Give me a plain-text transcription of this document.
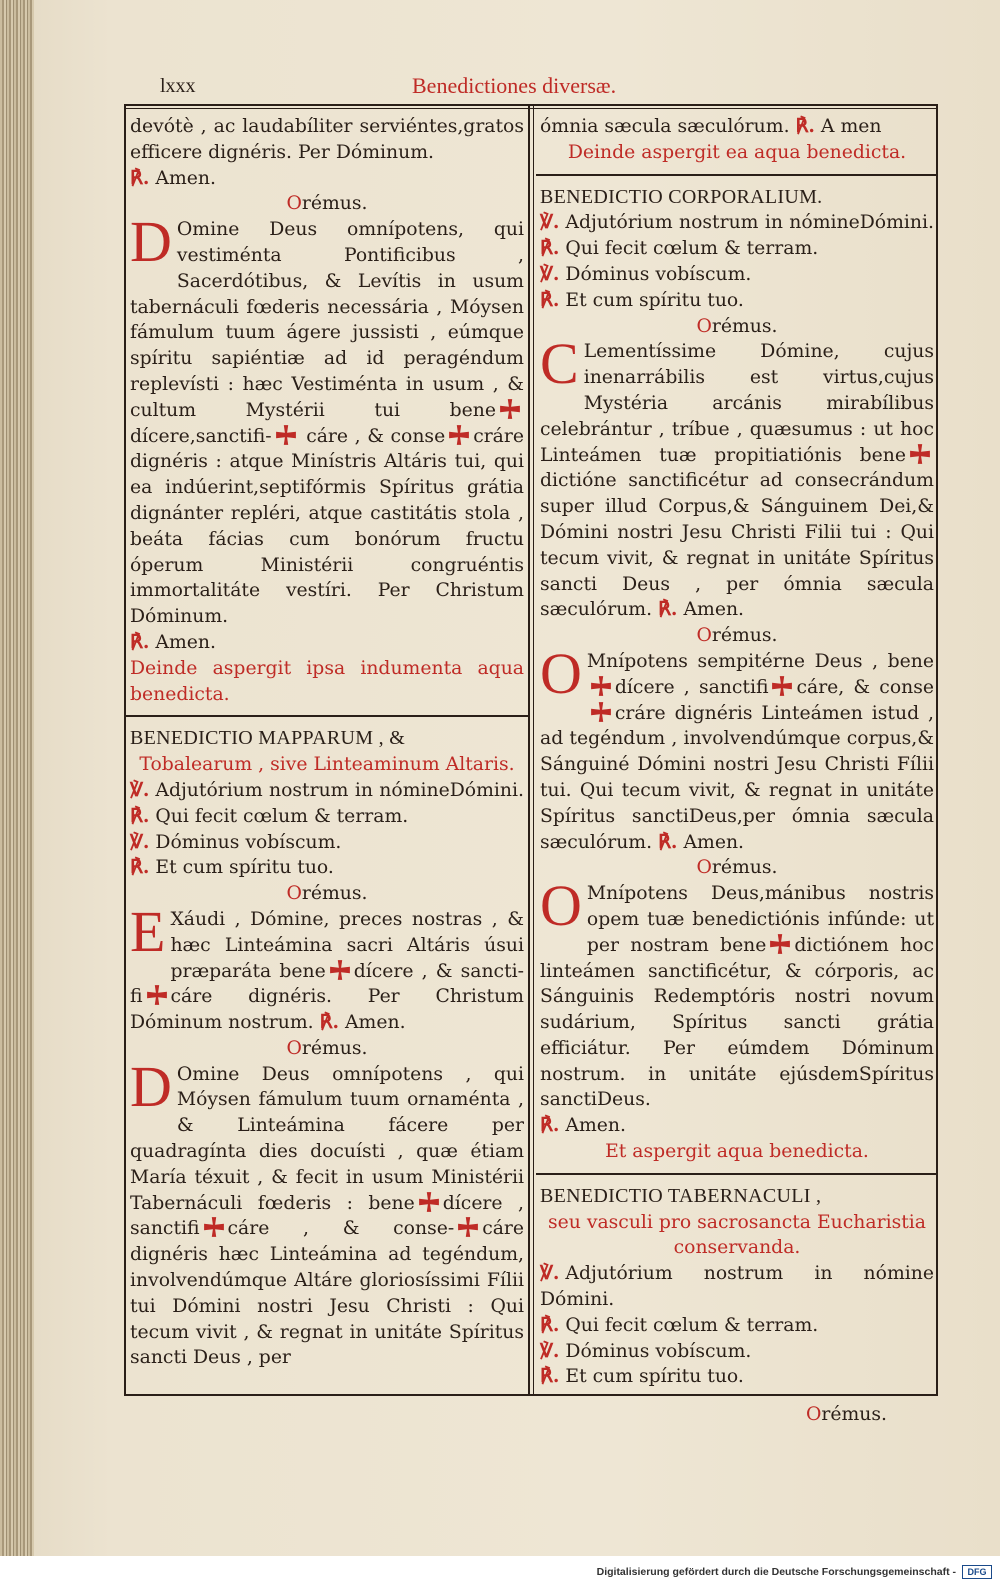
lxxx	Benedictiones diversæ.

devótè , ac laudabíliter serviéntes,gratos efficere dignéris. Per Dóminum.

℟. Amen.

Orémus.

D Omine Deus omnípotens, qui vestiménta Pontificibus , Sacerdótibus, & Levítis in usum tabernáculi fœderis necessária , Móysen fámulum tuum ágere jussisti , eúmque spíritu sapiéntiæ ad id peragéndum replevísti : hæc Vestiménta in usum , & cultum Mystérii tui benedícere,sanctifi- cáre , & conse cráre dignéris : atque Minístris Altáris tui, qui ea indúerint,septifórmis Spíritus grátia dignánter repléri, atque castitátis stola , beáta fácias cum bonórum fructu óperum Ministérii congruéntis immortalitáte vestíri. Per Christum Dóminum.

℟. Amen.

Deinde aspergit ipsa indumenta aqua benedicta.

BENEDICTIO MAPPARUM , &

Tobalearum , sive Linteaminum Altaris.

℣. Adjutórium nostrum in nómineDómini. ℟. Qui fecit cœlum & terram.

℣. Dóminus vobíscum.

℟. Et cum spíritu tuo.

Orémus.

E Xáudi , Dómine, preces nostras , & hæc Linteámina sacri Altáris úsui præparáta bene dícere , & sancti-fi cáre dignéris. Per Christum Dóminum nostrum. ℟. Amen.

Orémus.

D Omine Deus omnípotens , qui Móysen fámulum tuum ornaménta , & Linteámina fácere per quadragínta dies docuísti , quæ étiam María téxuit , & fecit in usum Ministérii Tabernáculi fœderis : bene dícere , sanctifi cáre , & conse- cáre dignéris hæc Linteámina ad tegéndum, involvendúmque Altáre gloriosíssimi Fílii tui Dómini nostri Jesu Christi : Qui tecum vivit , & regnat in unitáte Spíritus sancti Deus , per

ómnia sæcula sæculórum. ℟. A men

Deinde aspergit ea aqua benedicta.

BENEDICTIO CORPORALIUM.

℣. Adjutórium nostrum in nómineDómini. ℟. Qui fecit cœlum & terram.

℣. Dóminus vobíscum.

℟. Et cum spíritu tuo.

Orémus.

C Lementíssime Dómine, cujus inenarrábilis est virtus,cujus Mystéria arcánis mirabílibus celebrántur , tríbue , quæsumus : ut hoc Linteámen tuæ propitiatiónis benedictióne sanctificétur ad consecrándum super illud Corpus,& Sánguinem Dei,& Dómini nostri Jesu Christi Filii tui : Qui tecum vivit, & regnat in unitáte Spíritus sancti Deus , per ómnia sæcula sæculórum. ℟. Amen.

Orémus.

O Mnípotens sempitérne Deus , benedícere , sanctifi cáre, & consecráre dignéris Linteámen istud , ad tegéndum , involvendúmque corpus,& Sánguiné Dómini nostri Jesu Christi Fílii tui. Qui tecum vivit, & regnat in unitáte Spíritus sanctiDeus,per ómnia sæcula sæculórum. ℟. Amen.

Orémus.

O Mnípotens Deus,mánibus nostris opem tuæ benedictiónis infúnde: ut per nostram bene dictiónem hoc linteámen sanctificétur, & córporis, ac Sánguinis Redemptóris nostri novum sudárium, Spíritus sancti grátia efficiátur. Per eúmdem Dóminum nostrum. in unitáte ejúsdemSpíritus sanctiDeus.

℟. Amen.

Et aspergit aqua benedicta.

BENEDICTIO TABERNACULI ,

seu vasculi pro sacrosancta Eucharistia conservanda.

℣. Adjutórium nostrum in nómine Dómini.

℟. Qui fecit cœlum & terram.

℣. Dóminus vobíscum.

℟. Et cum spíritu tuo.

Orémus.
Digitalisierung gefördert durch die Deutsche Forschungsgemeinschaft -	DFG
